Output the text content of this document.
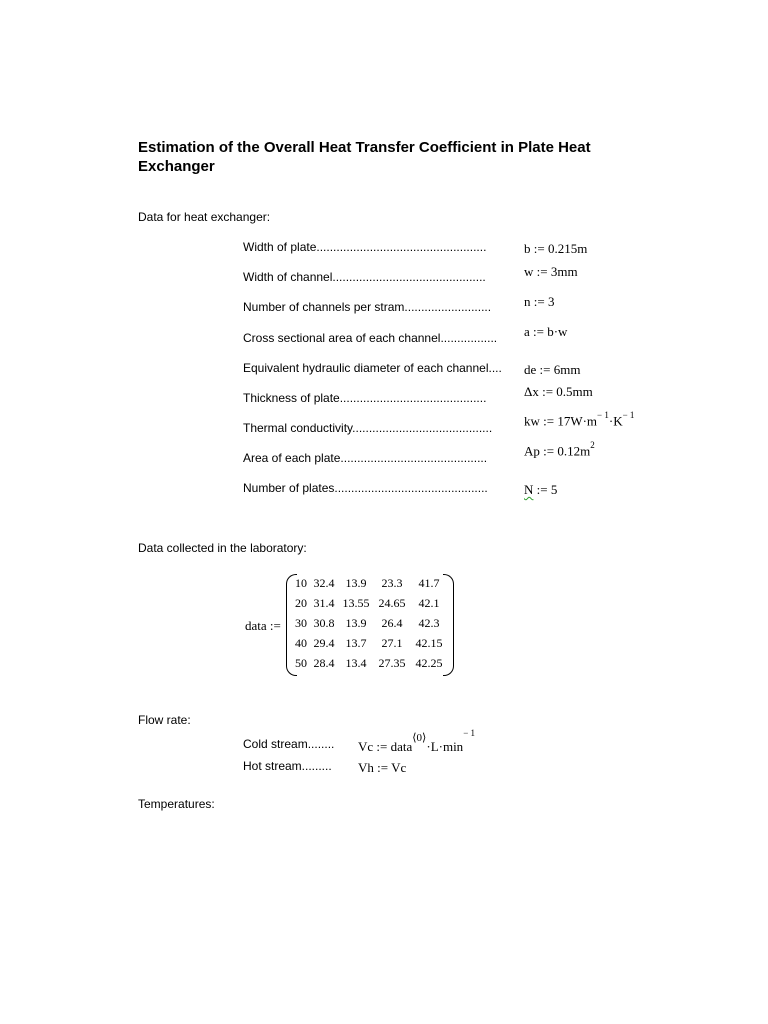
Estimation of the Overall Heat Transfer Coefficient in Plate Heat Exchanger
Data for heat exchanger:
Width of plate...................................................	b := 0.215m
Width of channel..............................................	w := 3mm
Number of channels per stram..........................	n := 3
Cross sectional area of each channel................. a := b·w
Equivalent hydraulic diameter of each channel.... de := 6mm
Thickness of plate............................................	Δx := 0.5mm
Thermal conductivity.......................................... kw := $17W\cdot m^{- 1}\cdot K^{- 1}$
Area of each plate............................................	Ap := $0.12m^2$
Number of plates..............................................	N := 5
Data collected in the laboratory:
data :=
10 32.4 13.9	23.3	41.7
20 31.4 13.55 24.65	42.1
30 30.8 13.9	26.4	42.3
40 29.4 13.7	27.1	42.15
50 28.4 13.4	27.35 42.25
Flow rate:
Cold stream........ Vc := $data⟨0⟩\cdot L\cdot\min^{- 1}$
Hot stream......... Vh := Vc
Temperatures:
